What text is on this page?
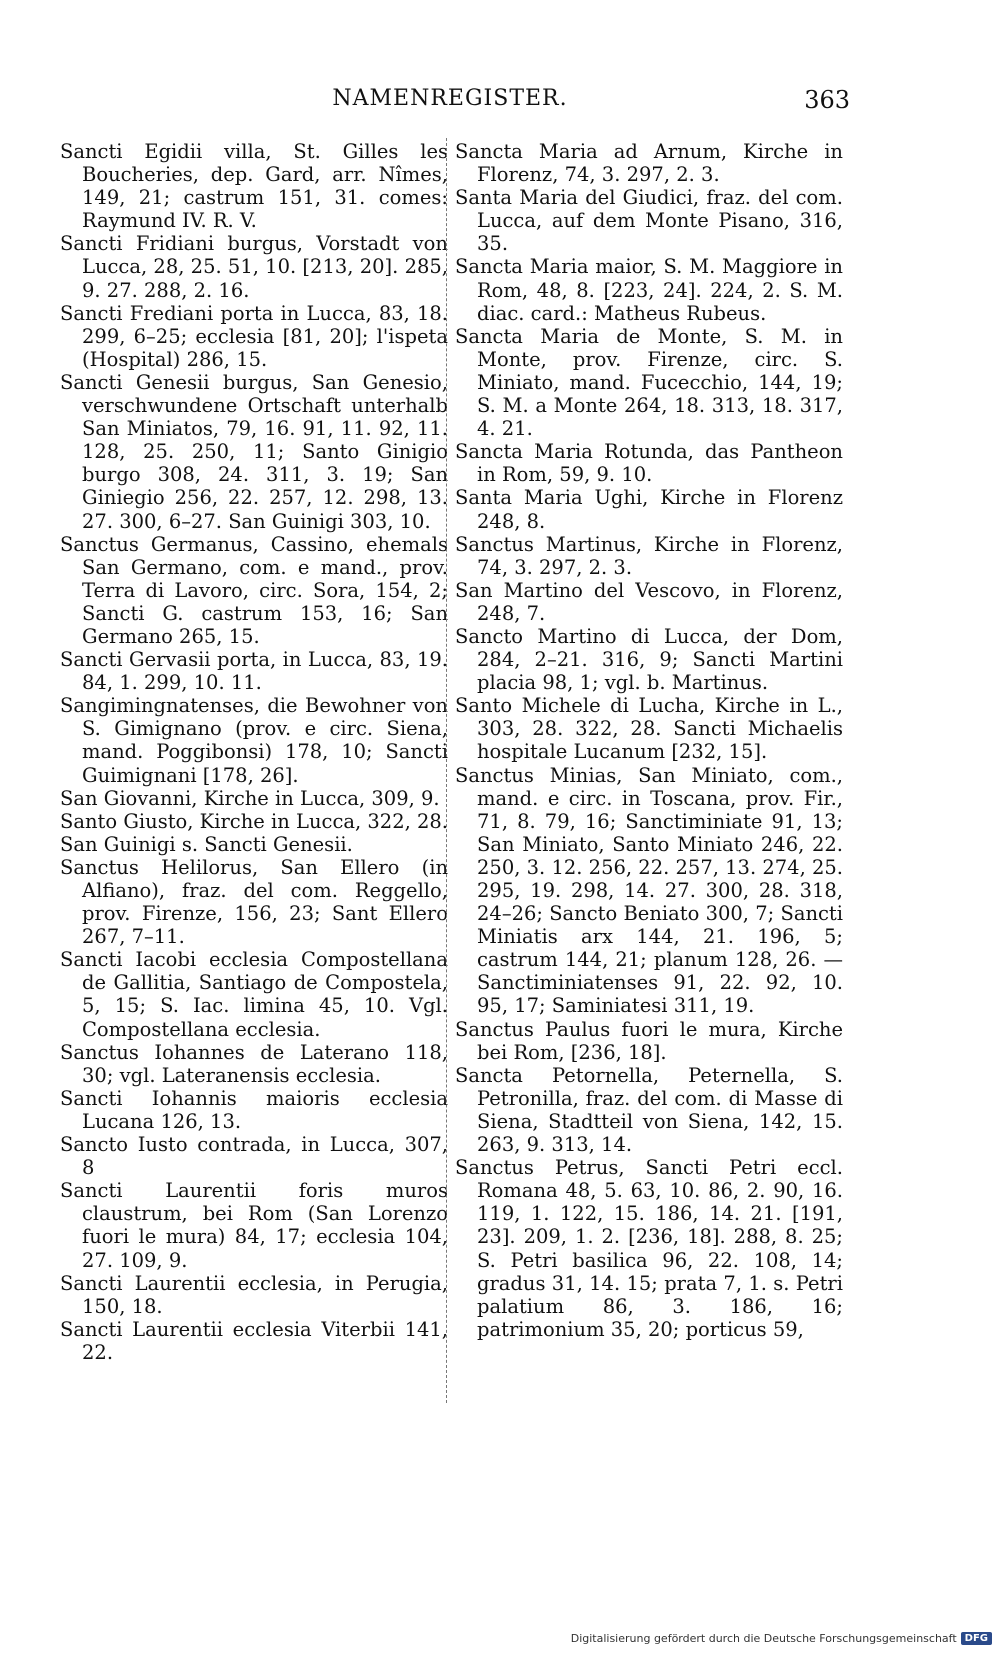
NAMENREGISTER.	363

Sancti Egidii villa, St. Gilles les Boucheries, dep. Gard, arr. Nîmes, 149, 21; castrum 151, 31. comes: Raymund IV. R. V.

Sancti Fridiani burgus, Vorstadt von Lucca, 28, 25. 51, 10. [213, 20]. 285, 9. 27. 288, 2. 16.

Sancti Frediani porta in Lucca, 83, 18. 299, 6–25; ecclesia [81, 20]; l'ispeta (Hospital) 286, 15.

Sancti Genesii burgus, San Genesio, verschwundene Ortschaft unterhalb San Miniatos, 79, 16. 91, 11. 92, 11. 128, 25. 250, 11; Santo Ginigio burgo 308, 24. 311, 3. 19; San Giniegio 256, 22. 257, 12. 298, 13. 27. 300, 6–27. San Guinigi 303, 10.

Sanctus Germanus, Cassino, ehemals San Germano, com. e mand., prov. Terra di Lavoro, circ. Sora, 154, 2; Sancti G. castrum 153, 16; San Germano 265, 15.

Sancti Gervasii porta, in Lucca, 83, 19. 84, 1. 299, 10. 11.

Sangimingnatenses, die Bewohner von S. Gimignano (prov. e circ. Siena, mand. Poggibonsi) 178, 10; Sancti Guimignani [178, 26].

San Giovanni, Kirche in Lucca, 309, 9.

Santo Giusto, Kirche in Lucca, 322, 28.

San Guinigi s. Sancti Genesii.

Sanctus Helilorus, San Ellero (in Alfiano), fraz. del com. Reggello, prov. Firenze, 156, 23; Sant Ellero 267, 7–11.

Sancti Iacobi ecclesia Compostellana de Gallitia, Santiago de Compostela, 5, 15; S. Iac. limina 45, 10. Vgl. Compostellana ecclesia.

Sanctus Iohannes de Laterano 118, 30; vgl. Lateranensis ecclesia.

Sancti Iohannis maioris ecclesia Lucana 126, 13.

Sancto Iusto contrada, in Lucca, 307, 8

Sancti Laurentii foris muros claustrum, bei Rom (San Lorenzo fuori le mura) 84, 17; ecclesia 104, 27. 109, 9.

Sancti Laurentii ecclesia, in Perugia, 150, 18.

Sancti Laurentii ecclesia Viterbii 141, 22.

Sancta Maria ad Arnum, Kirche in Florenz, 74, 3. 297, 2. 3.

Santa Maria del Giudici, fraz. del com. Lucca, auf dem Monte Pisano, 316, 35.

Sancta Maria maior, S. M. Maggiore in Rom, 48, 8. [223, 24]. 224, 2. S. M. diac. card.: Matheus Rubeus.

Sancta Maria de Monte, S. M. in Monte, prov. Firenze, circ. S. Miniato, mand. Fucecchio, 144, 19; S. M. a Monte 264, 18. 313, 18. 317, 4. 21.

Sancta Maria Rotunda, das Pantheon in Rom, 59, 9. 10.

Santa Maria Ughi, Kirche in Florenz 248, 8.

Sanctus Martinus, Kirche in Florenz, 74, 3. 297, 2. 3.

San Martino del Vescovo, in Florenz, 248, 7.

Sancto Martino di Lucca, der Dom, 284, 2–21. 316, 9; Sancti Martini placia 98, 1; vgl. b. Martinus.

Santo Michele di Lucha, Kirche in L., 303, 28. 322, 28. Sancti Michaelis hospitale Lucanum [232, 15].

Sanctus Minias, San Miniato, com., mand. e circ. in Toscana, prov. Fir., 71, 8. 79, 16; Sanctiminiate 91, 13; San Miniato, Santo Miniato 246, 22. 250, 3. 12. 256, 22. 257, 13. 274, 25. 295, 19. 298, 14. 27. 300, 28. 318, 24–26; Sancto Beniato 300, 7; Sancti Miniatis arx 144, 21. 196, 5; castrum 144, 21; planum 128, 26. — Sanctiminiatenses 91, 22. 92, 10. 95, 17; Saminiatesi 311, 19.

Sanctus Paulus fuori le mura, Kirche bei Rom, [236, 18].

Sancta Petornella, Peternella, S. Petronilla, fraz. del com. di Masse di Siena, Stadtteil von Siena, 142, 15. 263, 9. 313, 14.

Sanctus Petrus, Sancti Petri eccl. Romana 48, 5. 63, 10. 86, 2. 90, 16. 119, 1. 122, 15. 186, 14. 21. [191, 23]. 209, 1. 2. [236, 18]. 288, 8. 25; S. Petri basilica 96, 22. 108, 14; gradus 31, 14. 15; prata 7, 1. s. Petri palatium 86, 3. 186, 16; patrimonium 35, 20; porticus 59,

Digitalisierung gefördert durch die Deutsche Forschungsgemeinschaft DFG
